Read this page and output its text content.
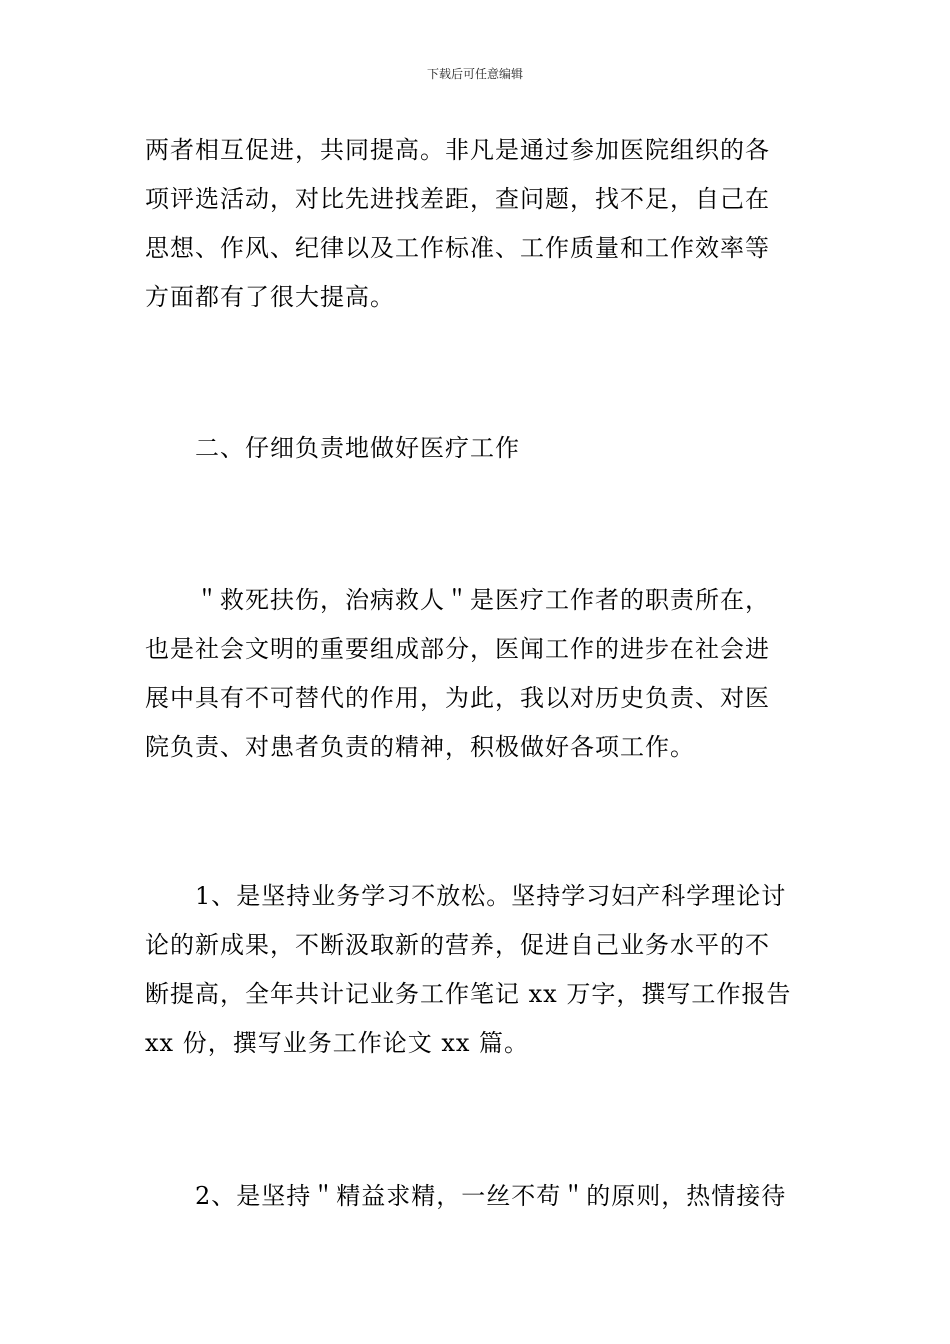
下载后可任意编辑
两者相互促进，共同提高。非凡是通过参加医院组织的各
项评选活动，对比先进找差距，查问题，找不足，自己在
思想、作风、纪律以及工作标准、工作质量和工作效率等
方面都有了很大提高。
二、仔细负责地做好医疗工作
＂救死扶伤，治病救人＂是医疗工作者的职责所在，
也是社会文明的重要组成部分，医闻工作的进步在社会进
展中具有不可替代的作用，为此，我以对历史负责、对医
院负责、对患者负责的精神，积极做好各项工作。
1、是坚持业务学习不放松。坚持学习妇产科学理论讨
论的新成果，不断汲取新的营养，促进自己业务水平的不
断提高，全年共计记业务工作笔记 xx 万字，撰写工作报告
xx 份，撰写业务工作论文 xx 篇。
2、是坚持＂精益求精，一丝不苟＂的原则，热情接待
